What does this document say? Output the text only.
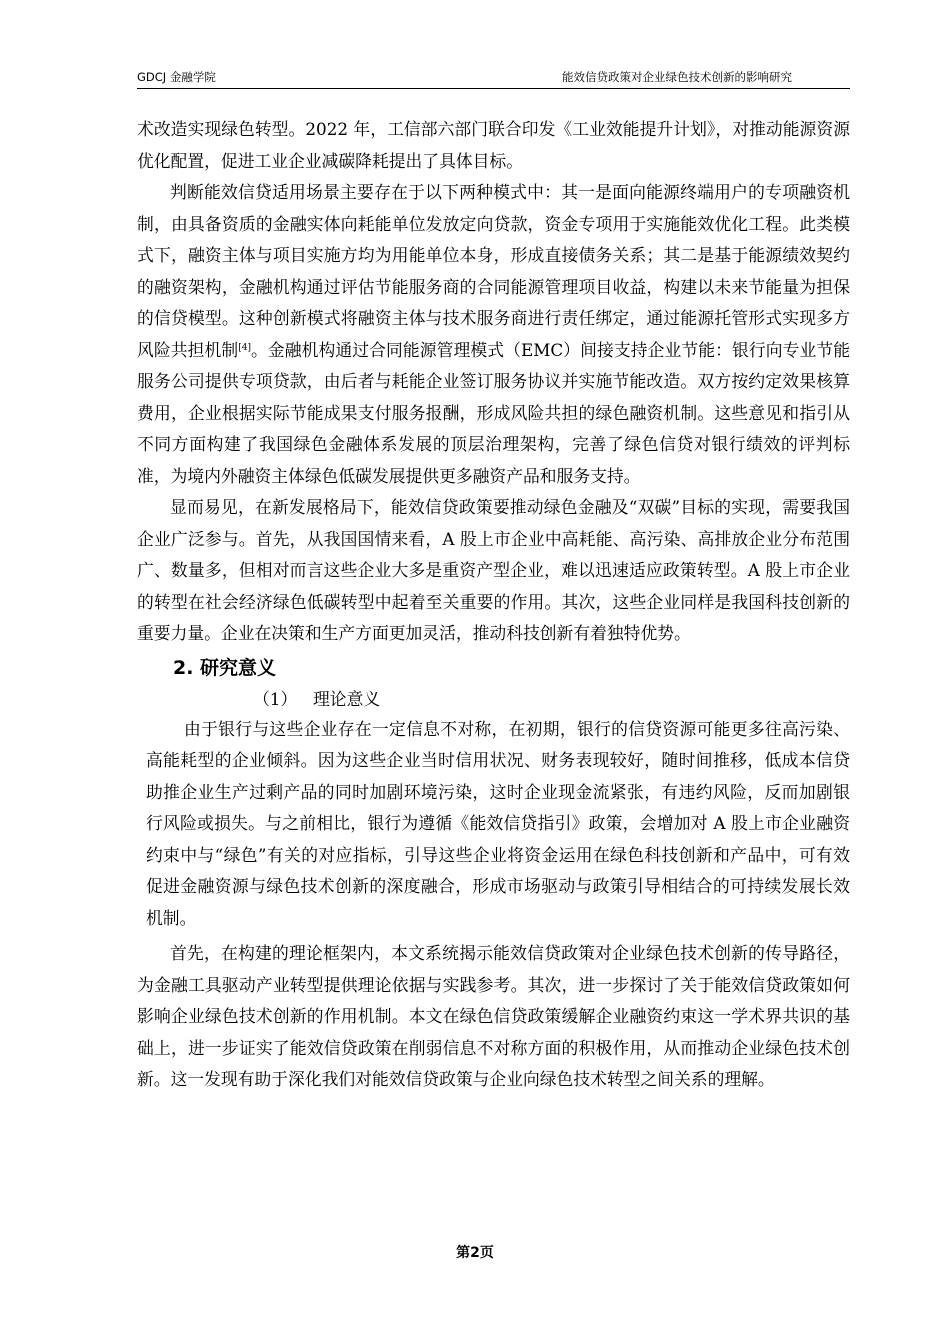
GDCJ 金融学院	能效信贷政策对企业绿色技术创新的影响研究

术改造实现绿色转型。2022 年，工信部六部门联合印发《工业效能提升计划》，对推动能源资源优化配置，促进工业企业减碳降耗提出了具体目标。

判断能效信贷适用场景主要存在于以下两种模式中：其一是面向能源终端用户的专项融资机制，由具备资质的金融实体向耗能单位发放定向贷款，资金专项用于实施能效优化工程。此类模式下，融资主体与项目实施方均为用能单位本身，形成直接债务关系；其二是基于能源绩效契约的融资架构，金融机构通过评估节能服务商的合同能源管理项目收益，构建以未来节能量为担保的信贷模型。这种创新模式将融资主体与技术服务商进行责任绑定，通过能源托管形式实现多方风险共担机制[4]。金融机构通过合同能源管理模式（EMC）间接支持企业节能：银行向专业节能服务公司提供专项贷款，由后者与耗能企业签订服务协议并实施节能改造。双方按约定效果核算费用，企业根据实际节能成果支付服务报酬，形成风险共担的绿色融资机制。这些意见和指引从不同方面构建了我国绿色金融体系发展的顶层治理架构，完善了绿色信贷对银行绩效的评判标准，为境内外融资主体绿色低碳发展提供更多融资产品和服务支持。

显而易见，在新发展格局下，能效信贷政策要推动绿色金融及“双碳”目标的实现，需要我国企业广泛参与。首先，从我国国情来看，A 股上市企业中高耗能、高污染、高排放企业分布范围广、数量多，但相对而言这些企业大多是重资产型企业，难以迅速适应政策转型。A 股上市企业的转型在社会经济绿色低碳转型中起着至关重要的作用。其次，这些企业同样是我国科技创新的重要力量。企业在决策和生产方面更加灵活，推动科技创新有着独特优势。

2. 研究意义
（1） 理论意义

由于银行与这些企业存在一定信息不对称，在初期，银行的信贷资源可能更多往高污染、高能耗型的企业倾斜。因为这些企业当时信用状况、财务表现较好，随时间推移，低成本信贷助推企业生产过剩产品的同时加剧环境污染，这时企业现金流紧张，有违约风险，反而加剧银行风险或损失。与之前相比，银行为遵循《能效信贷指引》政策，会增加对 A 股上市企业融资约束中与“绿色”有关的对应指标，引导这些企业将资金运用在绿色科技创新和产品中，可有效促进金融资源与绿色技术创新的深度融合，形成市场驱动与政策引导相结合的可持续发展长效机制。

首先，在构建的理论框架内，本文系统揭示能效信贷政策对企业绿色技术创新的传导路径，为金融工具驱动产业转型提供理论依据与实践参考。其次，进一步探讨了关于能效信贷政策如何影响企业绿色技术创新的作用机制。本文在绿色信贷政策缓解企业融资约束这一学术界共识的基础上，进一步证实了能效信贷政策在削弱信息不对称方面的积极作用，从而推动企业绿色技术创新。这一发现有助于深化我们对能效信贷政策与企业向绿色技术转型之间关系的理解。

第2页
